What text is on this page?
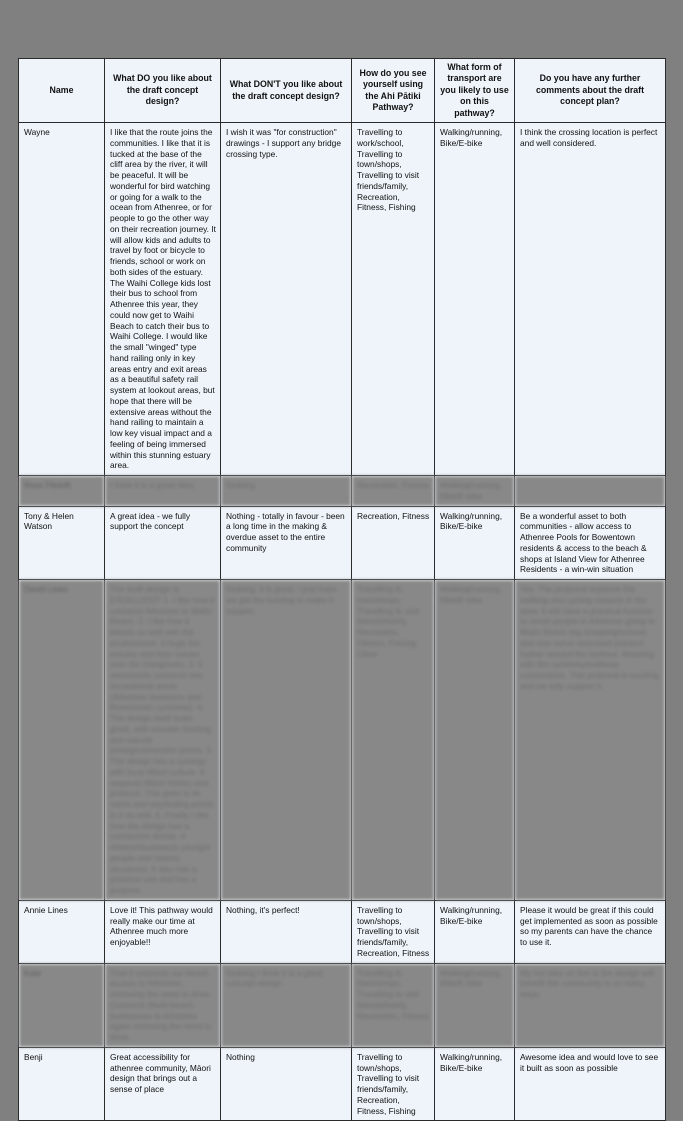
Name	What DO you like about the draft concept design?	What DON'T you like about the draft concept design?	How do you see yourself using the Ahi Pātiki Pathway?	What form of transport are you likely to use on this pathway?	Do you have any further comments about the draft concept plan?
Wayne	I like that the route joins the communities. I like that it is tucked at the base of the cliff area by the river, it will be peaceful. It will be wonderful for bird watching or going for a walk to the ocean from Athenree, or for people to go the other way on their recreation journey. It will allow kids and adults to travel by foot or bicycle to friends, school or work on both sides of the estuary. The Waihi College kids lost their bus to school from Athenree this year, they could now get to Waihi Beach to catch their bus to Waihi College. I would like the small "winged" type hand railing only in key areas entry and exit areas as a beautiful safety rail system at lookout areas, but hope that there will be extensive areas without the hand railing to maintain a low key visual impact and a feeling of being immersed within this stunning estuary area.	I wish it was "for construction" drawings - I support any bridge crossing type.	Travelling to work/school, Travelling to town/shops, Travelling to visit friends/family, Recreation, Fitness, Fishing	Walking/running, Bike/E-bike	I think the crossing location is perfect and well considered.
Ross Flintoft	I think it is a great idea	Nothing	Recreation, Fitness	Walking/running, Bike/E-bike	
Tony & Helen Watson	A great idea - we fully support the concept	Nothing - totally in favour - been a long time in the making & overdue asset to the entire community	Recreation, Fitness	Walking/running, Bike/E-bike	Be a wonderful asset to both communities - allow access to Athenree Pools for Bowentown residents & access to the beach & shops at Island View for Athenree Residents - a win-win situation
David Lines	The draft design is EXCELLENT! 1. I like how it connects Athenree to Waihi Beach. 2. I like how it blends so well with the environment. It hugs the estuary and then curves over the mangroves. 3. It seamlessly connects two recreational areas (Athenree foreshore and Bowentown cycleway). 4. The design itself looks great, with wooden framing, and natural joining/connection points. 5. The design has a synergy with local Māori culture. It respects Māori history and protocol. This goes to its name and wayfinding points in it as well. 6. Finally I like how the design has a connection theme. It relates/reconnects younger people and historic structures. It also has a practical use and has a purpose.	Nothing, it is great. I just hope we get the funding to make it happen.	Travelling to town/shops, Travelling to visit friends/family, Recreation, Fitness, Fishing, Other	Walking/running, Bike/E-bike	Yes. The proposal expands the walking and cycling network in the area. It will have a practical function to assist people in Athenree going to Waihi Beach (eg shopping/school) and also serve as/school precinct further around the harbour. Amazing with the cycleway/walkway connections. This proposal is exciting and we fully support it.
Annie Lines	Love it! This pathway would really make our time at Athenree much more enjoyable!!	Nothing, it's perfect!	Travelling to town/shops, Travelling to visit friends/family, Recreation, Fitness	Walking/running, Bike/E-bike	Please it would be great if this could get implemented as soon as possible so my parents can have the chance to use it.
Kate	That it connects our beach access to Athenree, removing the need to drive. Connects Waihi beach businesses to Athenree again removing the need to drive.	Nothing I think it is a great concept design	Travelling to town/shops, Travelling to visit friends/family, Recreation, Fitness	Walking/running, Bike/E-bike	My hot take on this is the design will benefit the community in so many ways.
Benji	Great accessibility for athenree community, Māori design that brings out a sense of place	Nothing	Travelling to town/shops, Travelling to visit friends/family, Recreation, Fitness, Fishing	Walking/running, Bike/E-bike	Awesome idea and would love to see it built as soon as possible
